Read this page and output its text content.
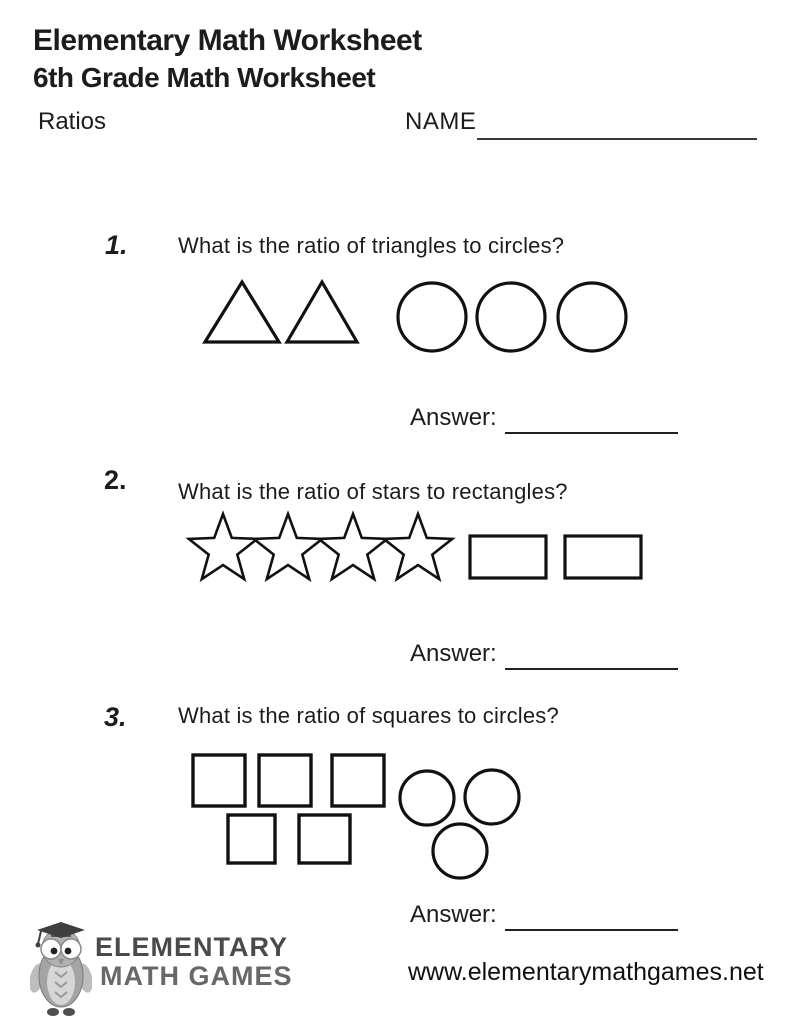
Elementary Math Worksheet
6th Grade Math Worksheet
Ratios	NAME
1.	What is the ratio of triangles to circles?
Answer:
2.	What is the ratio of stars to rectangles?
Answer:
3.	What is the ratio of squares to circles?
Answer:
ELEMENTARY
MATH GAMES	www.elementarymathgames.net
